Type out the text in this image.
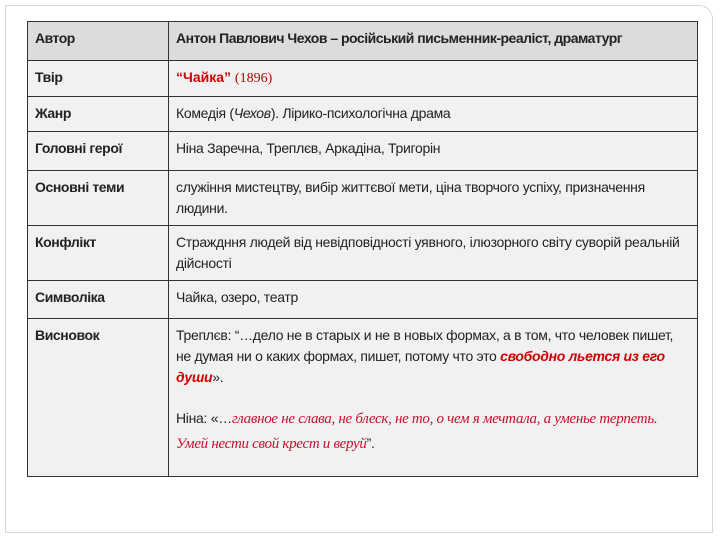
Автор	Антон Павлович Чехов – російський письменник-реаліст, драматург
Твір	“Чайка” (1896)
Жанр	Комедія (Чехов). Лірико-психологічна драма
Головні герої	Ніна Заречна, Треплєв, Аркадіна, Тригорін
Основні теми	служіння мистецтву, вибір життєвої мети, ціна творчого успіху, призначення людини.
Конфлікт	Страждння людей від невідповідності уявного, ілюзорного світу суворій реальній дійсності
Символіка	Чайка, озеро, театр
Висновок	Треплєв: “…дело не в старых и не в новых формах, а в том, что человек пишет, не думая ни о каких формах, пишет, потому что это свободно льется из его души».
Ніна: «…главное не слава, не блеск, не то, о чем я мечтала, а уменье терпеть. Умей нести свой крест и веруй”.
